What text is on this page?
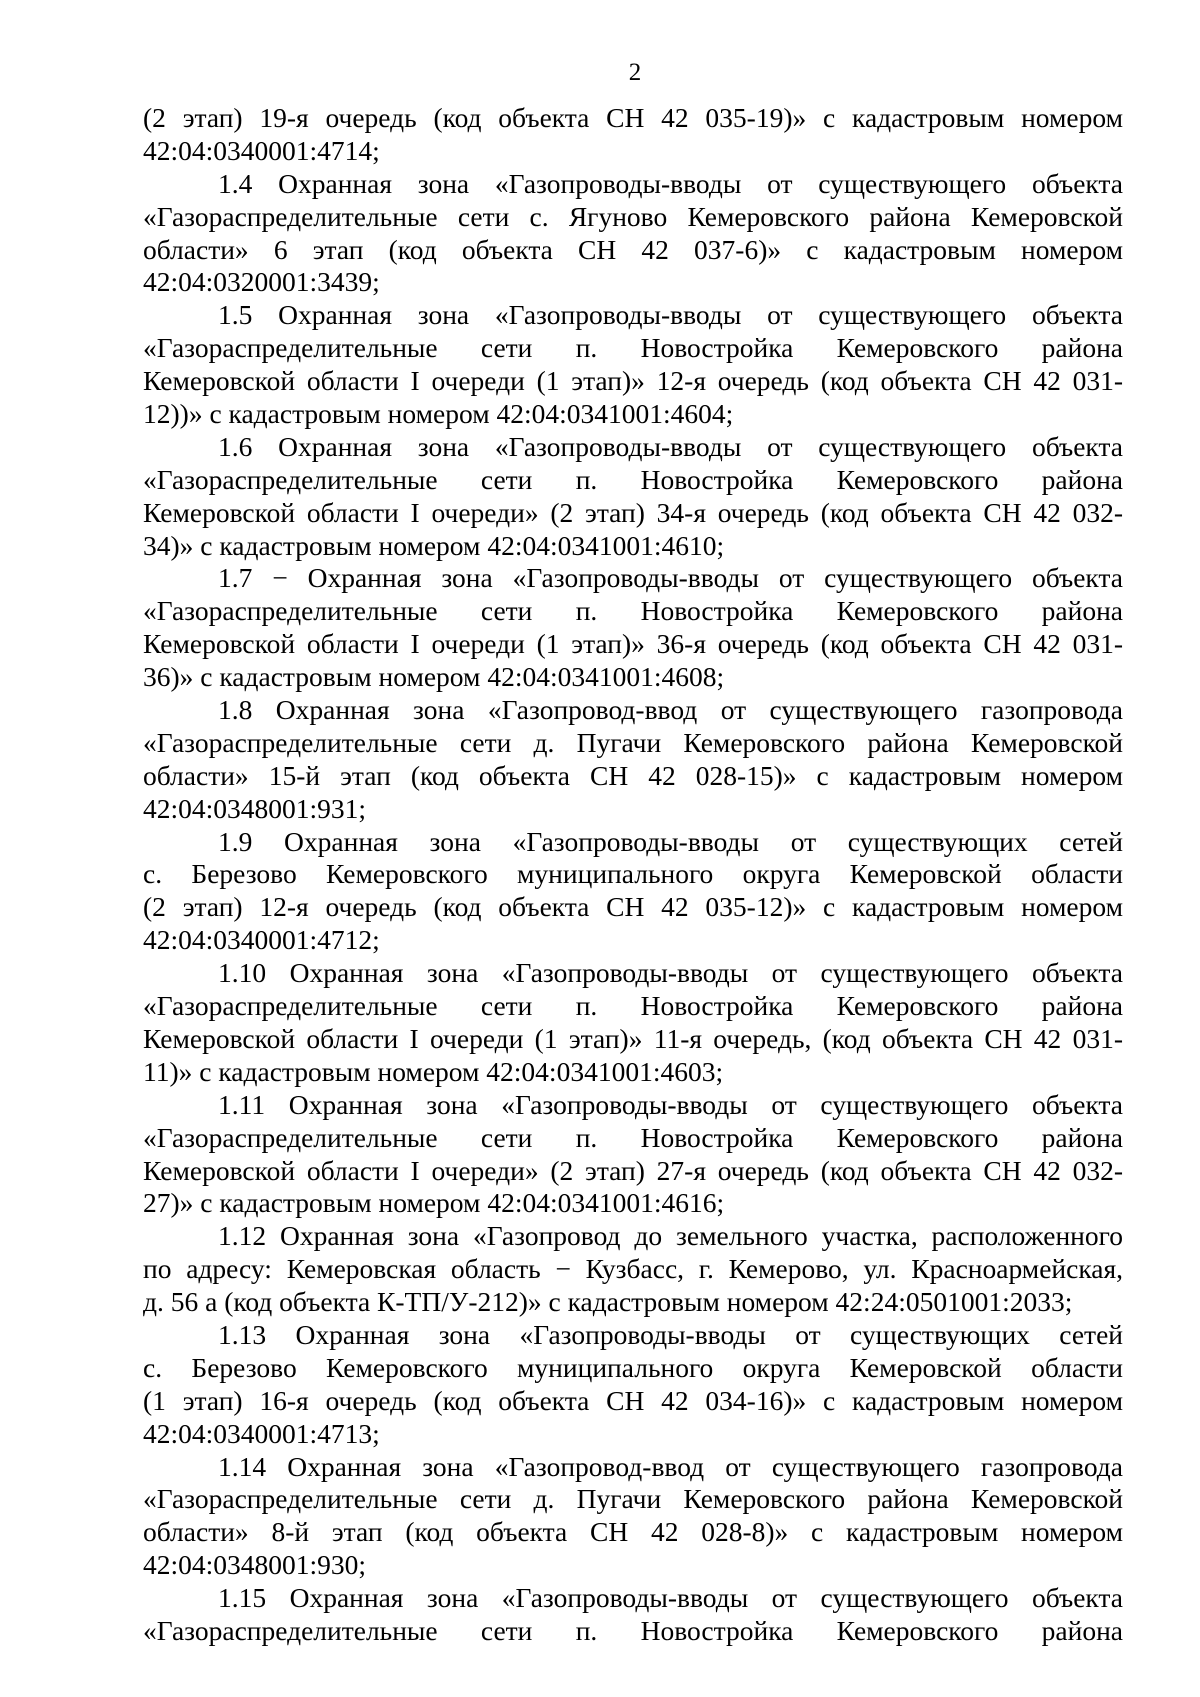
2
(2 этап) 19-я очередь (код объекта СН 42 035-19)» с кадастровым номером
42:04:0340001:4714;
1.4 Охранная зона «Газопроводы-вводы от существующего объекта
«Газораспределительные сети с. Ягуново Кемеровского района Кемеровской
области» 6 этап (код объекта СН 42 037-6)» с кадастровым номером
42:04:0320001:3439;
1.5 Охранная зона «Газопроводы-вводы от существующего объекта
«Газораспределительные сети п. Новостройка Кемеровского района
Кемеровской области I очереди (1 этап)» 12-я очередь (код объекта СН 42 031-
12))» с кадастровым номером 42:04:0341001:4604;
1.6 Охранная зона «Газопроводы-вводы от существующего объекта
«Газораспределительные сети п. Новостройка Кемеровского района
Кемеровской области I очереди» (2 этап) 34-я очередь (код объекта СН 42 032-
34)» с кадастровым номером 42:04:0341001:4610;
1.7 − Охранная зона «Газопроводы-вводы от существующего объекта
«Газораспределительные сети п. Новостройка Кемеровского района
Кемеровской области I очереди (1 этап)» 36-я очередь (код объекта СН 42 031-
36)» с кадастровым номером 42:04:0341001:4608;
1.8 Охранная зона «Газопровод-ввод от существующего газопровода
«Газораспределительные сети д. Пугачи Кемеровского района Кемеровской
области» 15-й этап (код объекта СН 42 028-15)» с кадастровым номером
42:04:0348001:931;
1.9 Охранная зона «Газопроводы-вводы от существующих сетей
с. Березово Кемеровского муниципального округа Кемеровской области
(2 этап) 12-я очередь (код объекта СН 42 035-12)» с кадастровым номером
42:04:0340001:4712;
1.10 Охранная зона «Газопроводы-вводы от существующего объекта
«Газораспределительные сети п. Новостройка Кемеровского района
Кемеровской области I очереди (1 этап)» 11-я очередь, (код объекта СН 42 031-
11)» с кадастровым номером 42:04:0341001:4603;
1.11 Охранная зона «Газопроводы-вводы от существующего объекта
«Газораспределительные сети п. Новостройка Кемеровского района
Кемеровской области I очереди» (2 этап) 27-я очередь (код объекта СН 42 032-
27)» с кадастровым номером 42:04:0341001:4616;
1.12 Охранная зона «Газопровод до земельного участка, расположенного
по адресу: Кемеровская область − Кузбасс, г. Кемерово, ул. Красноармейская,
д. 56 а (код объекта К-ТП/У-212)» с кадастровым номером 42:24:0501001:2033;
1.13 Охранная зона «Газопроводы-вводы от существующих сетей
с. Березово Кемеровского муниципального округа Кемеровской области
(1 этап) 16-я очередь (код объекта СН 42 034-16)» с кадастровым номером
42:04:0340001:4713;
1.14 Охранная зона «Газопровод-ввод от существующего газопровода
«Газораспределительные сети д. Пугачи Кемеровского района Кемеровской
области» 8-й этап (код объекта СН 42 028-8)» с кадастровым номером
42:04:0348001:930;
1.15 Охранная зона «Газопроводы-вводы от существующего объекта
«Газораспределительные сети п. Новостройка Кемеровского района
